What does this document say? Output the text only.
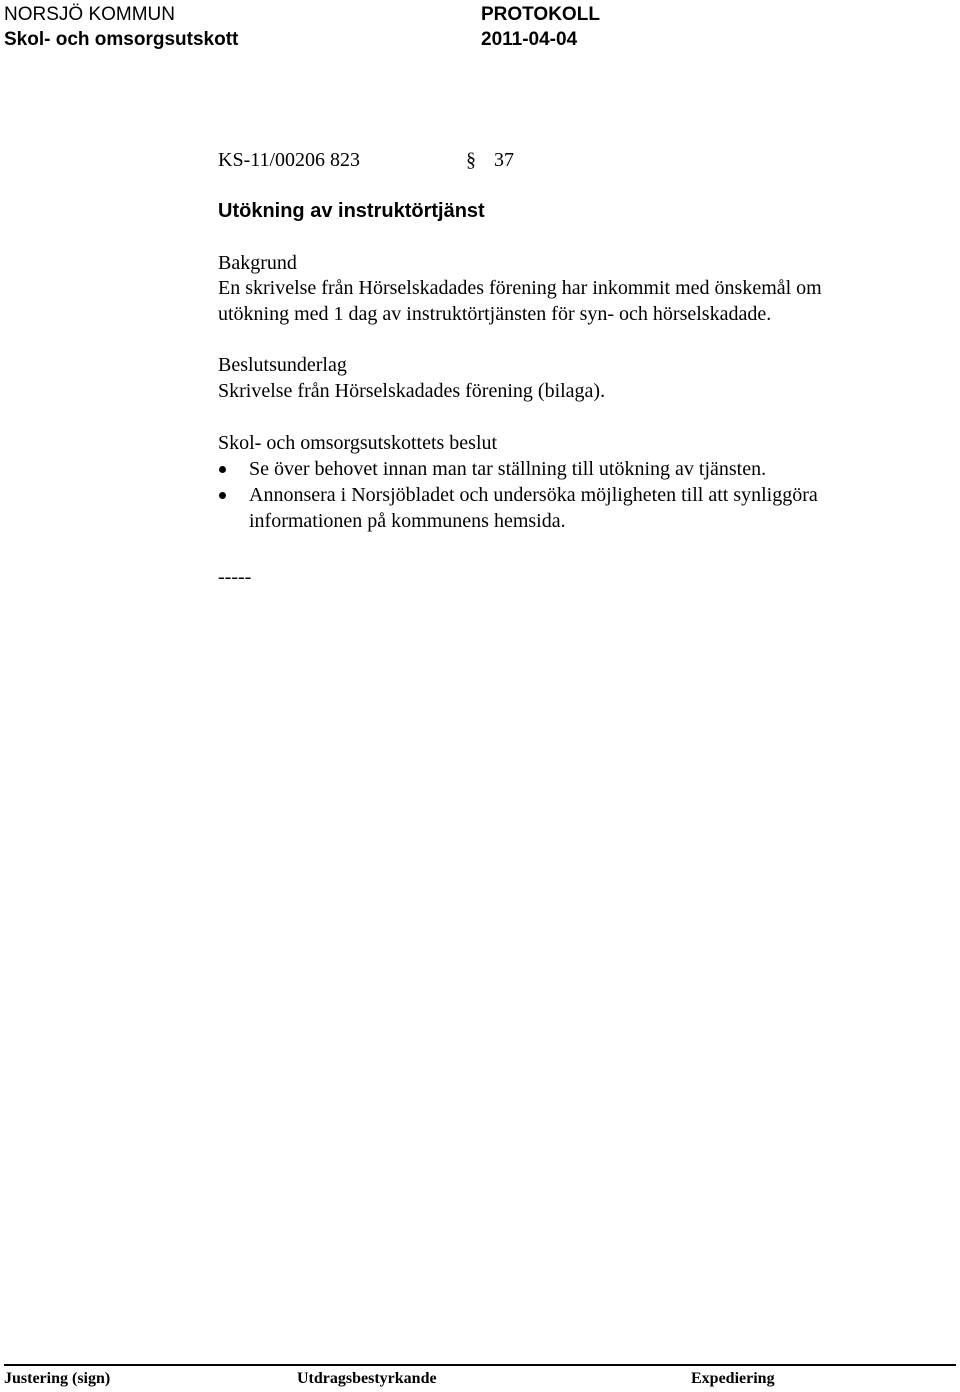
NORSJÖ KOMMUN
Skol- och omsorgsutskott
PROTOKOLL
2011-04-04
KS-11/00206 823	§ 37
Utökning av instruktörtjänst
Bakgrund
En skrivelse från Hörselskadades förening har inkommit med önskemål om
utökning med 1 dag av instruktörtjänsten för syn- och hörselskadade.
Beslutsunderlag
Skrivelse från Hörselskadades förening (bilaga).
Skol- och omsorgsutskottets beslut
Se över behovet innan man tar ställning till utökning av tjänsten.
Annonsera i Norsjöbladet och undersöka möjligheten till att synliggöra
informationen på kommunens hemsida.
-----
Justering (sign)	Utdragsbestyrkande	Expediering
